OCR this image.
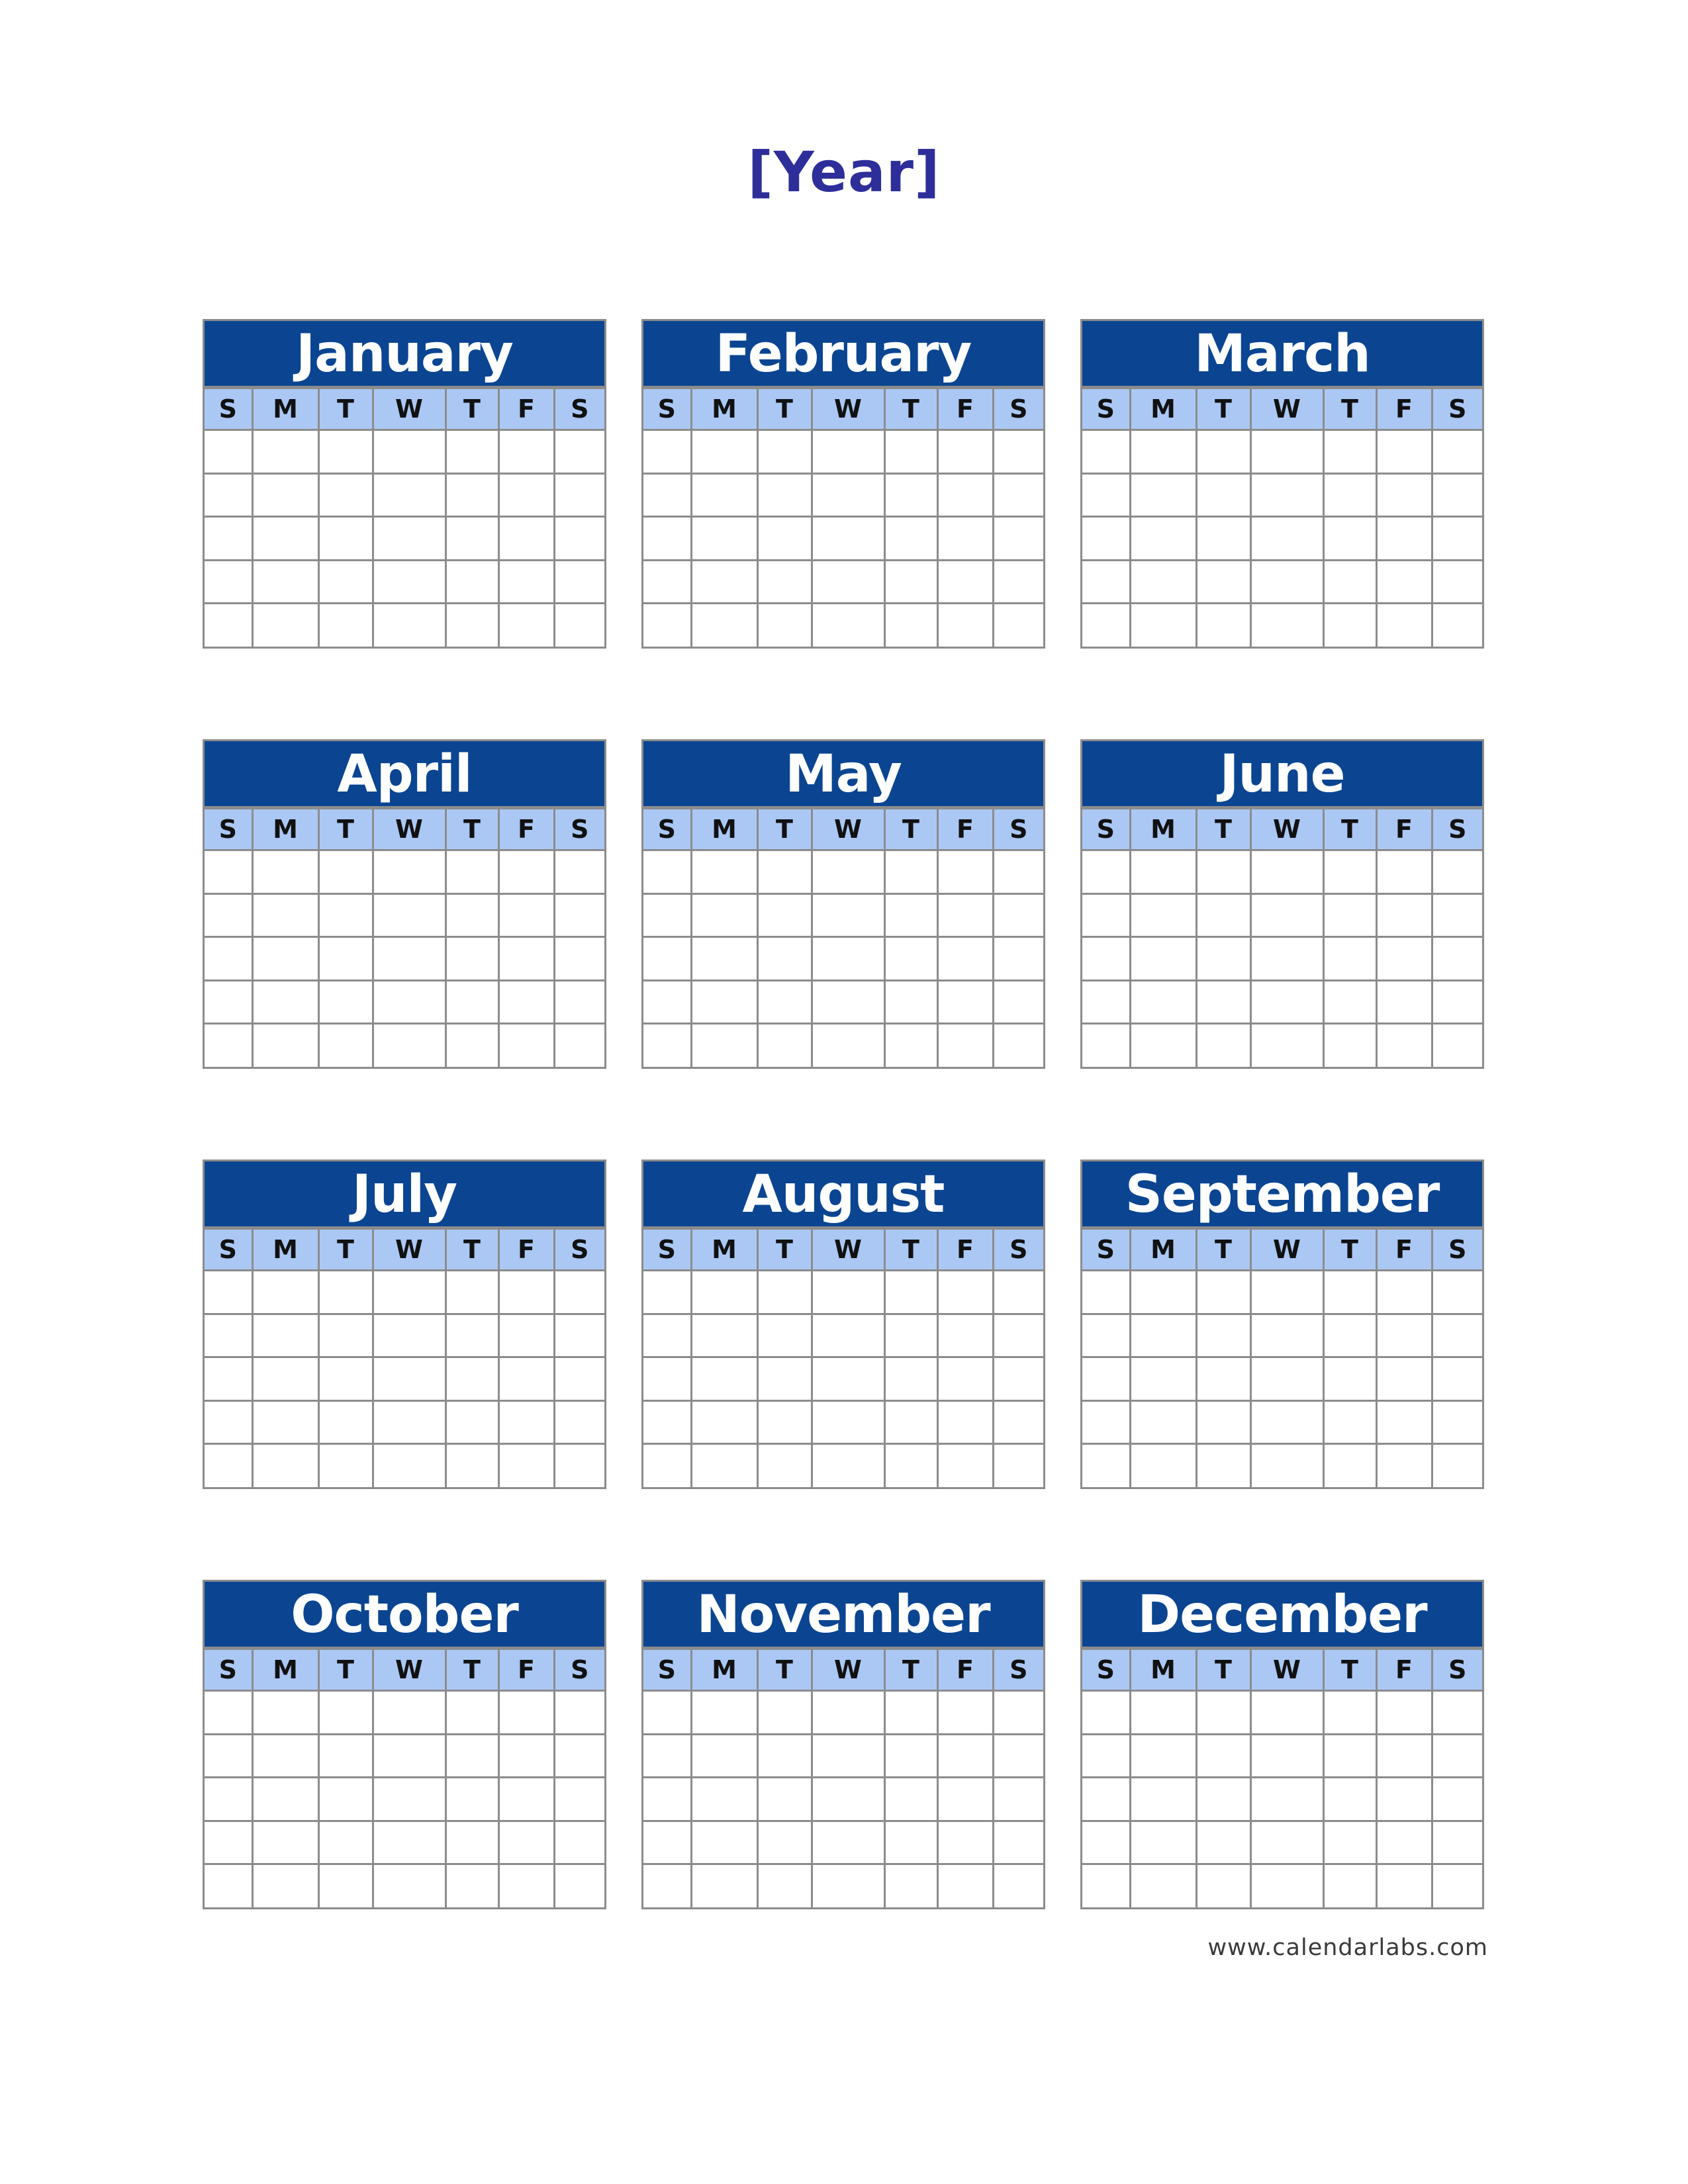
[Year]
January
S	M	T	W	T	F	S

February
S	M	T	W	T	F	S

March
S	M	T	W	T	F	S

April
S	M	T	W	T	F	S

May
S	M	T	W	T	F	S

June
S	M	T	W	T	F	S

July
S	M	T	W	T	F	S

August
S	M	T	W	T	F	S

September
S	M	T	W	T	F	S

October
S	M	T	W	T	F	S

November
S	M	T	W	T	F	S

December
S	M	T	W	T	F	S

www.calendarlabs.com
